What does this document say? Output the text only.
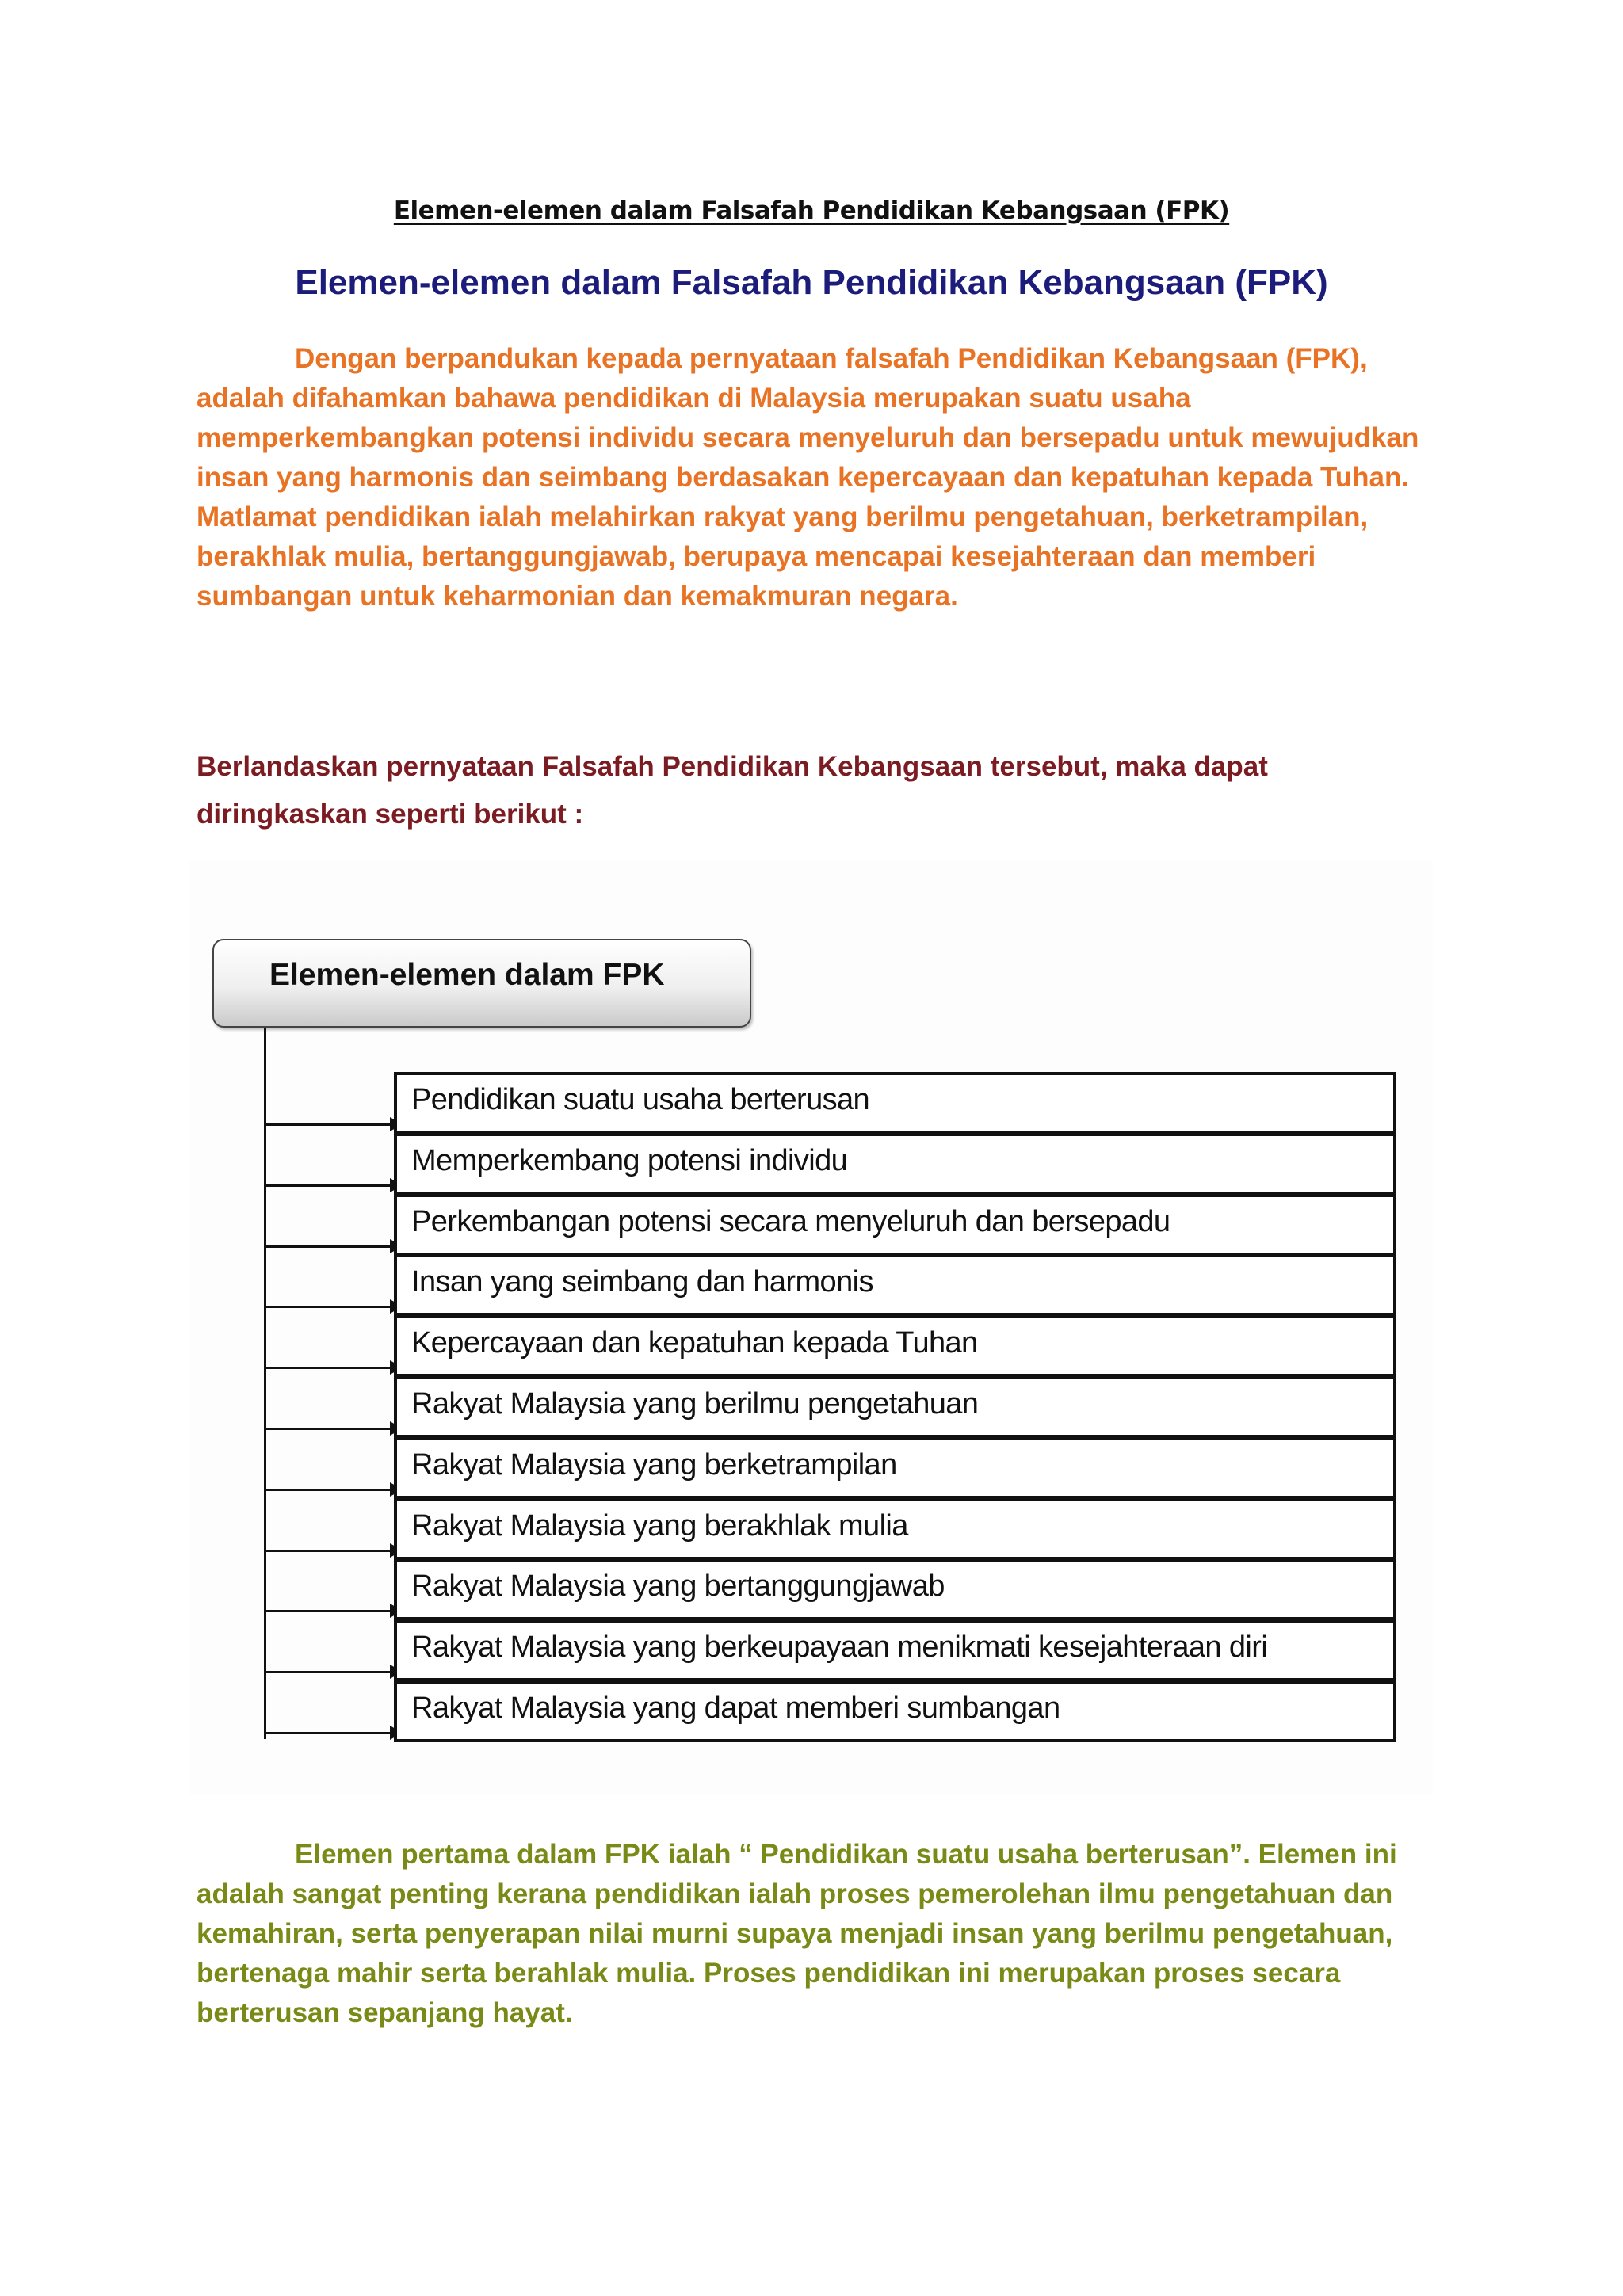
Elemen-elemen dalam Falsafah Pendidikan Kebangsaan (FPK)
Elemen-elemen dalam Falsafah Pendidikan Kebangsaan (FPK)
Dengan berpandukan kepada pernyataan falsafah Pendidikan Kebangsaan (FPK), adalah difahamkan bahawa pendidikan di Malaysia merupakan suatu usaha memperkembangkan potensi individu secara menyeluruh dan bersepadu untuk mewujudkan insan yang harmonis dan seimbang berdasakan kepercayaan dan kepatuhan kepada Tuhan. Matlamat pendidikan ialah melahirkan rakyat yang berilmu pengetahuan, berketrampilan, berakhlak mulia, bertanggungjawab, berupaya mencapai kesejahteraan dan memberi sumbangan untuk keharmonian dan kemakmuran negara.
Berlandaskan pernyataan Falsafah Pendidikan Kebangsaan tersebut, maka dapat diringkaskan seperti berikut :
Elemen-elemen dalam FPK
Pendidikan suatu usaha berterusan
Memperkembang potensi individu
Perkembangan potensi secara menyeluruh dan bersepadu
Insan yang seimbang dan harmonis
Kepercayaan dan kepatuhan kepada Tuhan
Rakyat Malaysia yang berilmu pengetahuan
Rakyat Malaysia yang berketrampilan
Rakyat Malaysia yang berakhlak mulia
Rakyat Malaysia yang bertanggungjawab
Rakyat Malaysia yang berkeupayaan menikmati kesejahteraan diri
Rakyat Malaysia yang dapat memberi sumbangan
Elemen pertama dalam FPK ialah “ Pendidikan suatu usaha berterusan”. Elemen ini adalah sangat penting kerana pendidikan ialah proses pemerolehan ilmu pengetahuan dan kemahiran, serta penyerapan nilai murni supaya menjadi insan yang berilmu pengetahuan, bertenaga mahir serta berahlak mulia. Proses pendidikan ini merupakan proses secara berterusan sepanjang hayat.
